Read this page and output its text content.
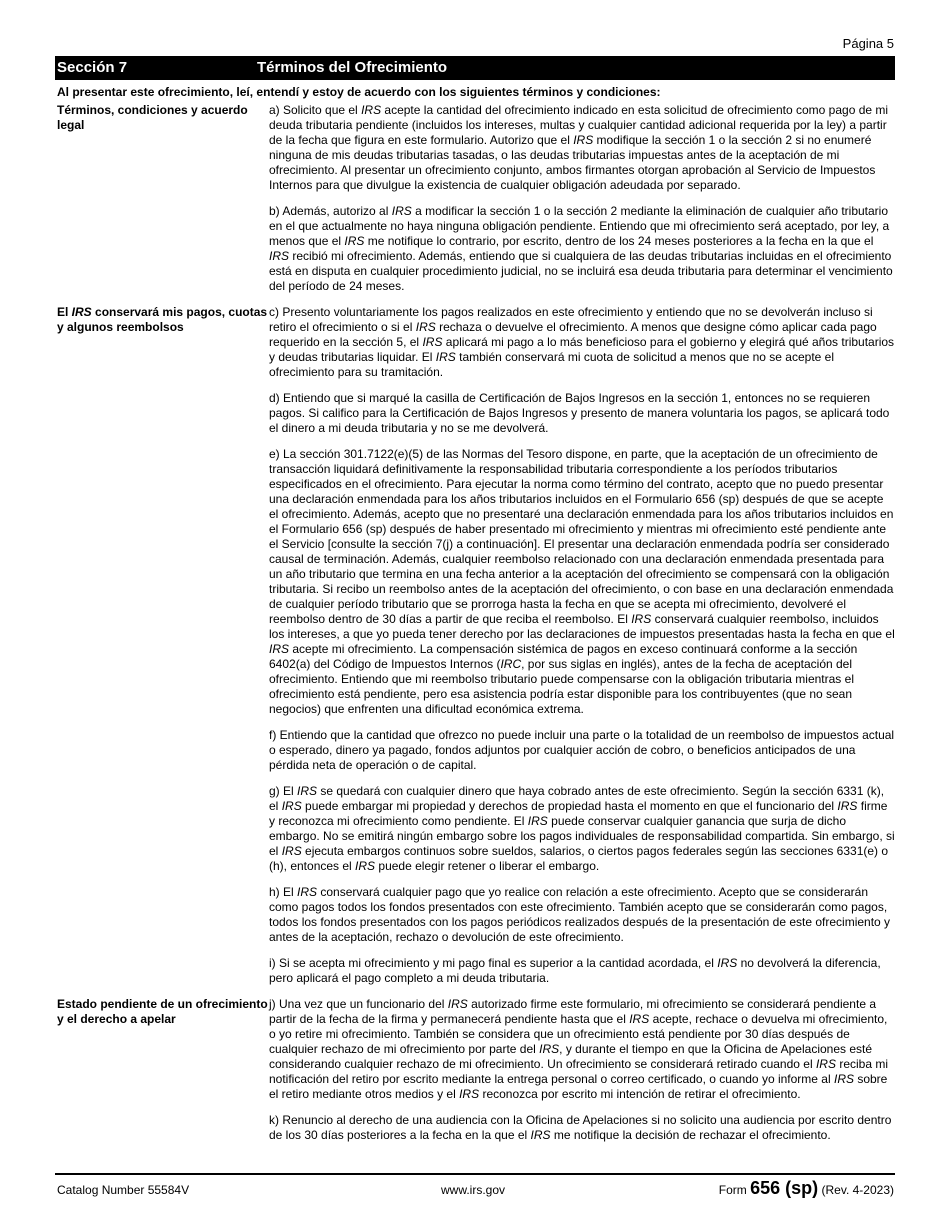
Página 5
Sección 7	Términos del Ofrecimiento
Al presentar este ofrecimiento, leí, entendí y estoy de acuerdo con los siguientes términos y condiciones:
Términos, condiciones y acuerdo legal

a) Solicito que el IRS acepte la cantidad del ofrecimiento indicado en esta solicitud de ofrecimiento como pago de mi deuda tributaria pendiente (incluidos los intereses, multas y cualquier cantidad adicional requerida por la ley) a partir de la fecha que figura en este formulario. Autorizo que el IRS modifique la sección 1 o la sección 2 si no enumeré ninguna de mis deudas tributarias tasadas, o las deudas tributarias impuestas antes de la aceptación de mi ofrecimiento. Al presentar un ofrecimiento conjunto, ambos firmantes otorgan aprobación al Servicio de Impuestos Internos para que divulgue la existencia de cualquier obligación adeudada por separado.

b) Además, autorizo al IRS a modificar la sección 1 o la sección 2 mediante la eliminación de cualquier año tributario en el que actualmente no haya ninguna obligación pendiente. Entiendo que mi ofrecimiento será aceptado, por ley, a menos que el IRS me notifique lo contrario, por escrito, dentro de los 24 meses posteriores a la fecha en la que el IRS recibió mi ofrecimiento. Además, entiendo que si cualquiera de las deudas tributarias incluidas en el ofrecimiento está en disputa en cualquier procedimiento judicial, no se incluirá esa deuda tributaria para determinar el vencimiento del período de 24 meses.

El IRS conservará mis pagos, cuotas y algunos reembolsos

c) Presento voluntariamente los pagos realizados en este ofrecimiento y entiendo que no se devolverán incluso si retiro el ofrecimiento o si el IRS rechaza o devuelve el ofrecimiento. A menos que designe cómo aplicar cada pago requerido en la sección 5, el IRS aplicará mi pago a lo más beneficioso para el gobierno y elegirá qué años tributarios y deudas tributarias liquidar. El IRS también conservará mi cuota de solicitud a menos que no se acepte el ofrecimiento para su tramitación.

d) Entiendo que si marqué la casilla de Certificación de Bajos Ingresos en la sección 1, entonces no se requieren pagos. Si califico para la Certificación de Bajos Ingresos y presento de manera voluntaria los pagos, se aplicará todo el dinero a mi deuda tributaria y no se me devolverá.

e) La sección 301.7122(e)(5) de las Normas del Tesoro dispone, en parte, que la aceptación de un ofrecimiento de transacción liquidará definitivamente la responsabilidad tributaria correspondiente a los períodos tributarios especificados en el ofrecimiento. Para ejecutar la norma como término del contrato, acepto que no puedo presentar una declaración enmendada para los años tributarios incluidos en el Formulario 656 (sp) después de que se acepte el ofrecimiento. Además, acepto que no presentaré una declaración enmendada para los años tributarios incluidos en el Formulario 656 (sp) después de haber presentado mi ofrecimiento y mientras mi ofrecimiento esté pendiente ante el Servicio [consulte la sección 7(j) a continuación]. El presentar una declaración enmendada podría ser considerado causal de terminación. Además, cualquier reembolso relacionado con una declaración enmendada presentada para un año tributario que termina en una fecha anterior a la aceptación del ofrecimiento se compensará con la obligación tributaria. Si recibo un reembolso antes de la aceptación del ofrecimiento, o con base en una declaración enmendada de cualquier período tributario que se prorroga hasta la fecha en que se acepta mi ofrecimiento, devolveré el reembolso dentro de 30 días a partir de que reciba el reembolso. El IRS conservará cualquier reembolso, incluidos los intereses, a que yo pueda tener derecho por las declaraciones de impuestos presentadas hasta la fecha en que el IRS acepte mi ofrecimiento. La compensación sistémica de pagos en exceso continuará conforme a la sección 6402(a) del Código de Impuestos Internos (IRC, por sus siglas en inglés), antes de la fecha de aceptación del ofrecimiento. Entiendo que mi reembolso tributario puede compensarse con la obligación tributaria mientras el ofrecimiento está pendiente, pero esa asistencia podría estar disponible para los contribuyentes (que no sean negocios) que enfrenten una dificultad económica extrema.

f) Entiendo que la cantidad que ofrezco no puede incluir una parte o la totalidad de un reembolso de impuestos actual o esperado, dinero ya pagado, fondos adjuntos por cualquier acción de cobro, o beneficios anticipados de una pérdida neta de operación o de capital.

g) El IRS se quedará con cualquier dinero que haya cobrado antes de este ofrecimiento. Según la sección 6331 (k), el IRS puede embargar mi propiedad y derechos de propiedad hasta el momento en que el funcionario del IRS firme y reconozca mi ofrecimiento como pendiente. El IRS puede conservar cualquier ganancia que surja de dicho embargo. No se emitirá ningún embargo sobre los pagos individuales de responsabilidad compartida. Sin embargo, si el IRS ejecuta embargos continuos sobre sueldos, salarios, o ciertos pagos federales según las secciones 6331(e) o (h), entonces el IRS puede elegir retener o liberar el embargo.

h) El IRS conservará cualquier pago que yo realice con relación a este ofrecimiento. Acepto que se considerarán como pagos todos los fondos presentados con este ofrecimiento. También acepto que se considerarán como pagos, todos los fondos presentados con los pagos periódicos realizados después de la presentación de este ofrecimiento y antes de la aceptación, rechazo o devolución de este ofrecimiento.

i) Si se acepta mi ofrecimiento y mi pago final es superior a la cantidad acordada, el IRS no devolverá la diferencia, pero aplicará el pago completo a mi deuda tributaria.

Estado pendiente de un ofrecimiento y el derecho a apelar

j) Una vez que un funcionario del IRS autorizado firme este formulario, mi ofrecimiento se considerará pendiente a partir de la fecha de la firma y permanecerá pendiente hasta que el IRS acepte, rechace o devuelva mi ofrecimiento, o yo retire mi ofrecimiento. También se considera que un ofrecimiento está pendiente por 30 días después de cualquier rechazo de mi ofrecimiento por parte del IRS, y durante el tiempo en que la Oficina de Apelaciones esté considerando cualquier rechazo de mi ofrecimiento. Un ofrecimiento se considerará retirado cuando el IRS reciba mi notificación del retiro por escrito mediante la entrega personal o correo certificado, o cuando yo informe al IRS sobre el retiro mediante otros medios y el IRS reconozca por escrito mi intención de retirar el ofrecimiento.

k) Renuncio al derecho de una audiencia con la Oficina de Apelaciones si no solicito una audiencia por escrito dentro de los 30 días posteriores a la fecha en la que el IRS me notifique la decisión de rechazar el ofrecimiento.

Catalog Number 55584V	www.irs.gov	Form 656 (sp) (Rev. 4-2023)
